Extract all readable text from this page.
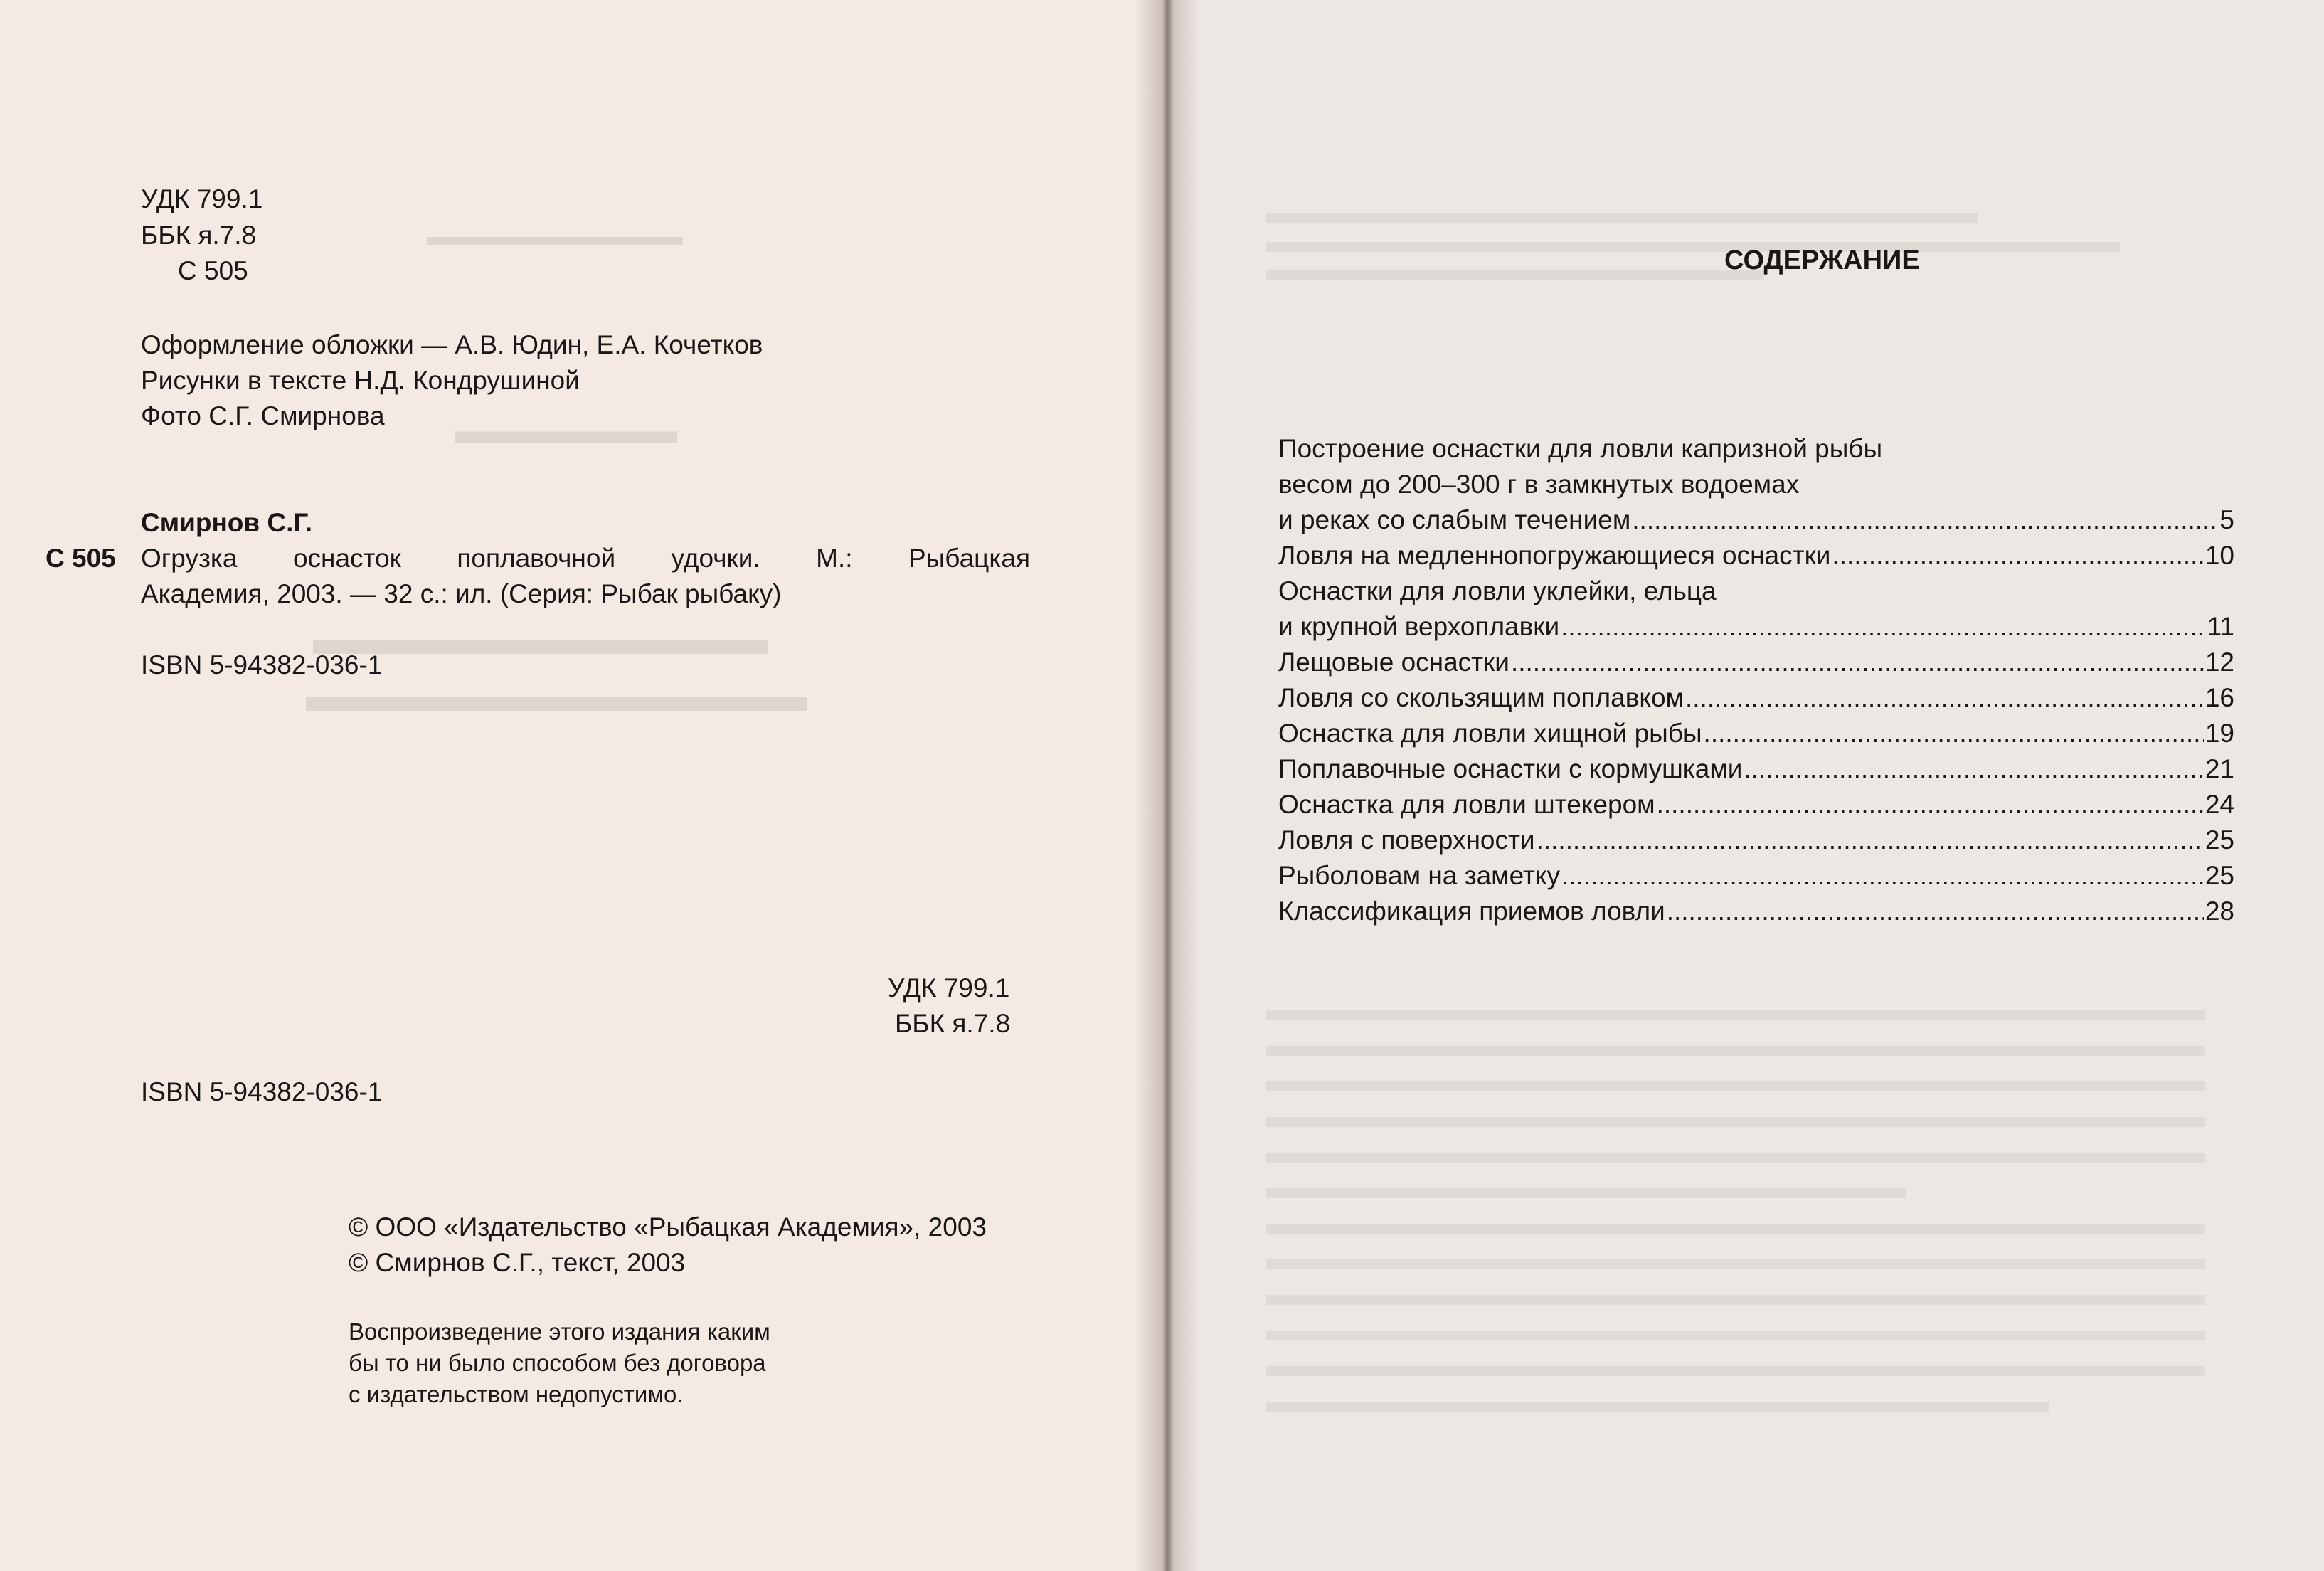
▬▬▬▬▬▬▬▬▬
▬▬▬▬▬▬
▬▬▬▬▬▬▬▬▬▬
▬▬▬▬▬▬▬▬▬▬▬
УДК 799.1
ББК я.7.8
С 505
Оформление обложки — А.В. Юдин, Е.А. Кочетков
Рисунки в тексте Н.Д. Кондрушиной
Фото С.Г. Смирнова
Смирнов С.Г.
С 505 Огрузка оснасток поплавочной удочки. М.: Рыбацкая
Академия, 2003. — 32 с.: ил. (Серия: Рыбак рыбаку)
ISBN 5-94382-036-1
УДК 799.1
ББК я.7.8
ISBN 5-94382-036-1
© ООО «Издательство «Рыбацкая Академия», 2003
© Смирнов С.Г., текст, 2003
Воспроизведение этого издания каким
бы то ни было способом без договора
с издательством недопустимо.
СОДЕРЖАНИЕ
Построение оснастки для ловли капризной рыбы
весом до 200–300 г в замкнутых водоемах
и реках со слабым течением .....	5
Ловля на медленнопогружающиеся оснастки .....	10
Оснастки для ловли уклейки, ельца
и крупной верхоплавки .....	11
Лещовые оснастки .....	12
Ловля со скользящим поплавком .....	16
Оснастка для ловли хищной рыбы .....	19
Поплавочные оснастки с кормушками .....	21
Оснастка для ловли штекером .....	24
Ловля с поверхности .....	25
Рыболовам на заметку .....	25
Классификация приемов ловли .....	28
